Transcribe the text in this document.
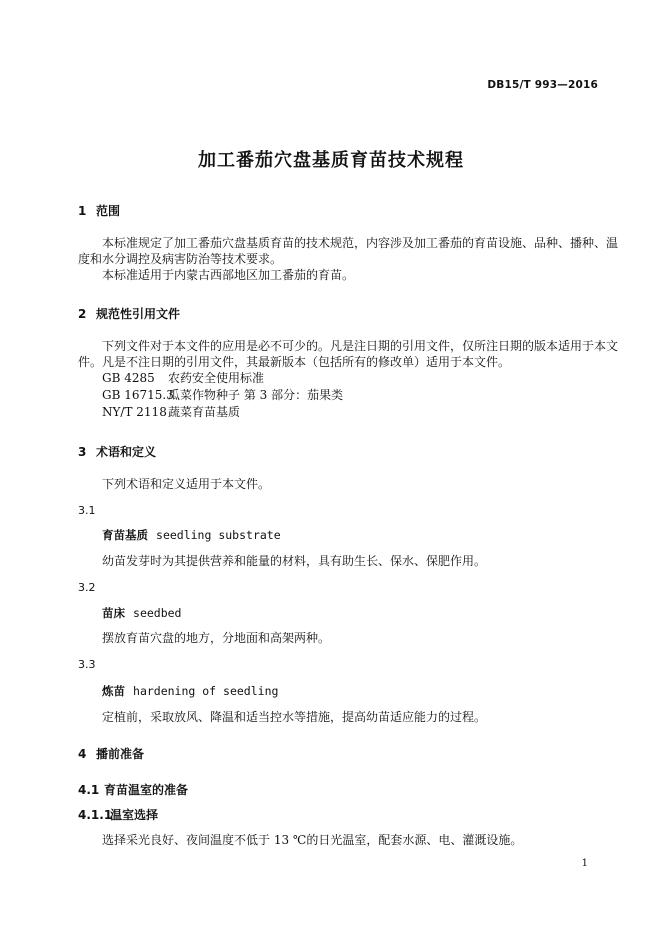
DB15/T 993—2016
加工番茄穴盘基质育苗技术规程
1 范围
本标准规定了加工番茄穴盘基质育苗的技术规范，内容涉及加工番茄的育苗设施、品种、播种、温
度和水分调控及病害防治等技术要求。
本标准适用于内蒙古西部地区加工番茄的育苗。
2 规范性引用文件
下列文件对于本文件的应用是必不可少的。凡是注日期的引用文件，仅所注日期的版本适用于本文
件。凡是不注日期的引用文件，其最新版本（包括所有的修改单）适用于本文件。
GB 4285 农药安全使用标准
GB 16715.3瓜菜作物种子 第 3 部分：茄果类
NY/T 2118蔬菜育苗基质
3 术语和定义
下列术语和定义适用于本文件。
3.1
育苗基质 seedling substrate
幼苗发芽时为其提供营养和能量的材料，具有助生长、保水、保肥作用。
3.2
苗床 seedbed
摆放育苗穴盘的地方，分地面和高架两种。
3.3
炼苗 hardening of seedling
定植前，采取放风、降温和适当控水等措施，提高幼苗适应能力的过程。
4 播前准备
4.1 育苗温室的准备
4.1.1温室选择
选择采光良好、夜间温度不低于 13 ℃的日光温室，配套水源、电、灌溉设施。
1
